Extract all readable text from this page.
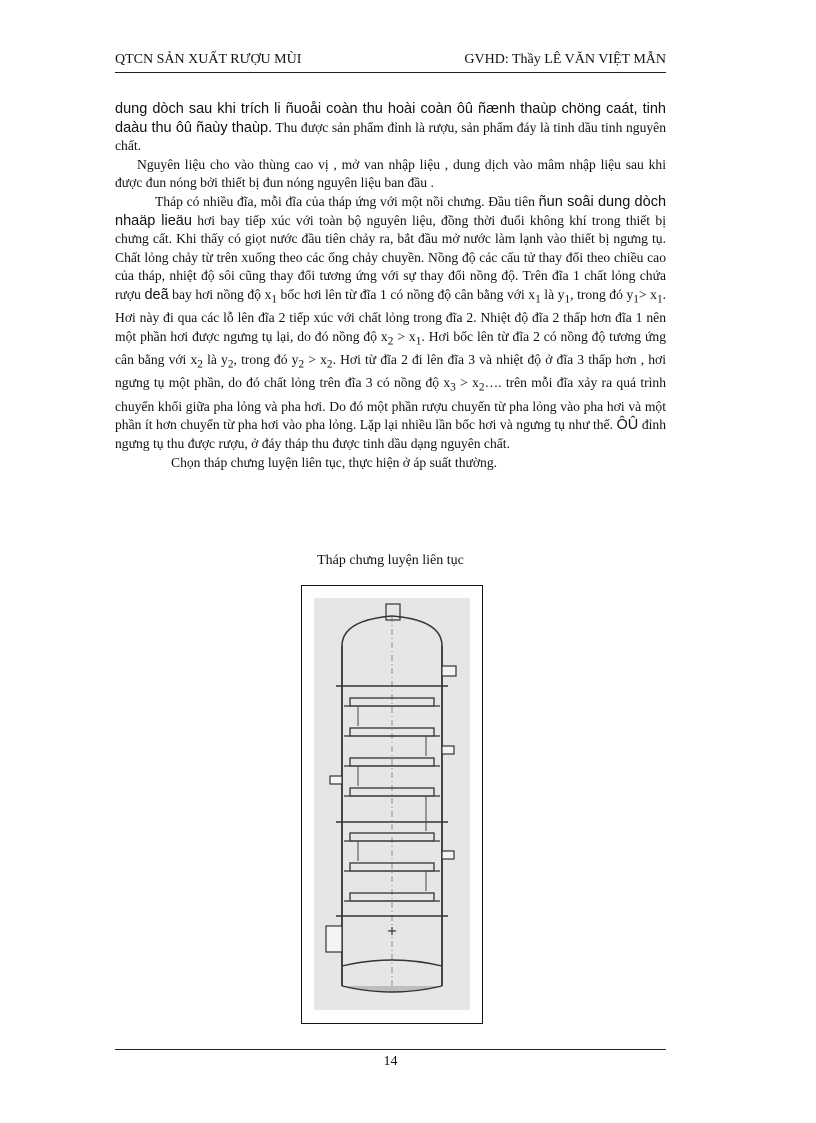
QTCN SẢN XUẤT RƯỢU MÙI	GVHD: Thầy LÊ VĂN VIỆT MẪN

dung dòch sau khi trích li ñuoåi coàn thu hoài coàn ôû ñænh thaùp chöng caát, tinh daàu thu ôû ñaùy thaùp. Thu được sản phẩm đỉnh là rượu, sản phẩm đáy là tinh dầu tinh nguyên chất.

Nguyên liệu cho vào thùng cao vị , mở van nhập liệu , dung dịch vào mâm nhập liệu sau khi được đun nóng bởi thiết bị đun nóng nguyên liệu ban đầu .

Tháp có nhiều đĩa, mỗi đĩa của tháp ứng với một nồi chưng. Đầu tiên ñun soâi dung dòch nhaäp lieäu hơi bay tiếp xúc với toàn bộ nguyên liệu, đồng thời đuổi không khí trong thiết bị chưng cất. Khi thấy có giọt nước đầu tiên chảy ra, bắt đầu mở nước làm lạnh vào thiết bị ngưng tụ. Chất lỏng chảy từ trên xuống theo các ống chảy chuyền. Nồng độ các cấu tử thay đổi theo chiều cao của tháp, nhiệt độ sôi cũng thay đổi tương ứng với sự thay đổi nồng độ. Trên đĩa 1 chất lỏng chứa rượu deã bay hơi nồng độ $x_1$ bốc hơi lên từ đĩa 1 có nồng độ cân bằng với $x_1$ là $y_1$, trong đó $y_1> x_1$. Hơi này đi qua các lỗ lên đĩa 2 tiếp xúc với chất lỏng trong đĩa 2. Nhiệt độ đĩa 2 thấp hơn đĩa 1 nên một phần hơi được ngưng tụ lại, do đó nồng độ $x_2 > x_1$. Hơi bốc lên từ đĩa 2 có nồng độ tương ứng cân bằng với $x_2$ là $y_2$, trong đó $y_2 > x_2$. Hơi từ đĩa 2 đi lên đĩa 3 và nhiệt độ ở đĩa 3 thấp hơn , hơi ngưng tụ một phần, do đó chất lỏng trên đĩa 3 có nồng độ $x_3$ > $x_2\dots$. trên mỗi đĩa xảy ra quá trình chuyển khối giữa pha lỏng và pha hơi. Do đó một phần rượu chuyển từ pha lỏng vào pha hơi và một phần ít hơn chuyển từ pha hơi vào pha lỏng. Lặp lại nhiều lần bốc hơi và ngưng tụ như thế. ÔÛ đỉnh ngưng tụ thu được rượu, ở đáy tháp thu được tinh dầu dạng nguyên chất.

Chọn tháp chưng luyện liên tục, thực hiện ở áp suất thường.

Tháp chưng luyện liên tục
14
